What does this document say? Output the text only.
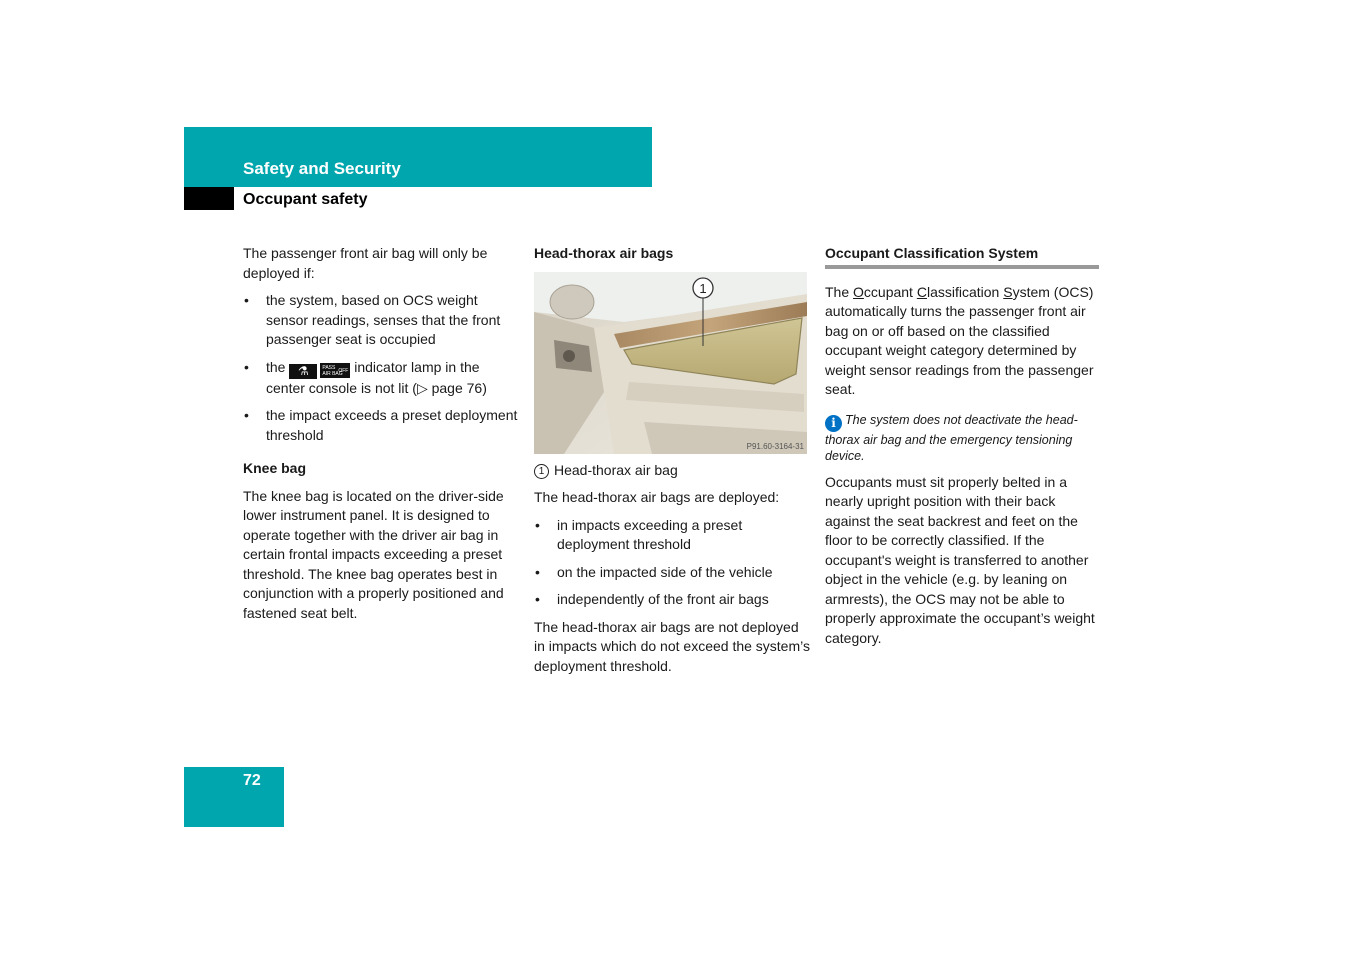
Safety and Security
Occupant safety

The passenger front air bag will only be deployed if:

• the system, based on OCS weight sensor readings, senses that the front passenger seat is occupied
• the ⚗	PASS
AIR BAG
OFF indicator lamp in the center console is not lit (▷ page 76)
• the impact exceeds a preset deployment threshold
Knee bag

The knee bag is located on the driver-side lower instrument panel. It is designed to operate together with the driver air bag in certain frontal impacts exceeding a preset threshold. The knee bag operates best in conjunction with a properly positioned and fastened seat belt.

Head-thorax air bags
1
P91.60-3164-31

1 Head-thorax air bag

The head-thorax air bags are deployed:

• in impacts exceeding a preset deployment threshold
• on the impacted side of the vehicle
• independently of the front air bags

The head-thorax air bags are not deployed in impacts which do not exceed the system’s deployment threshold.

Occupant Classification System

The Occupant Classification System (OCS) automatically turns the passenger front air bag on or off based on the classified occupant weight category determined by weight sensor readings from the passenger seat.

i The system does not deactivate the head-thorax air bag and the emergency tensioning device.

Occupants must sit properly belted in a nearly upright position with their back against the seat backrest and feet on the floor to be correctly classified. If the occupant's weight is transferred to another object in the vehicle (e.g. by leaning on armrests), the OCS may not be able to properly approximate the occupant’s weight category.

72
